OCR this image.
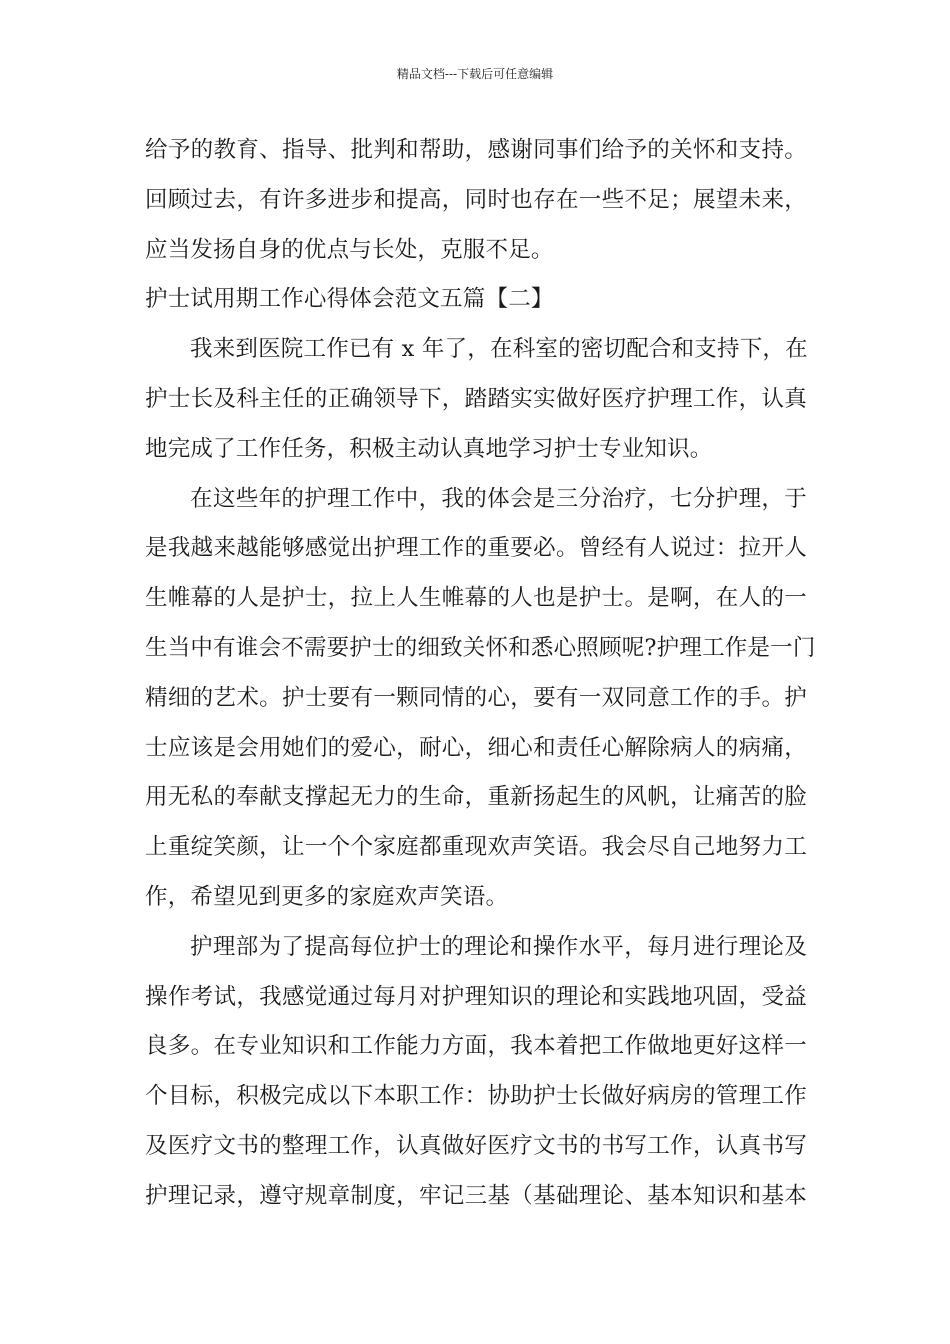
精品文档---下载后可任意编辑
给予的教育、指导、批判和帮助，感谢同事们给予的关怀和支持。
回顾过去，有许多进步和提高，同时也存在一些不足；展望未来，
应当发扬自身的优点与长处，克服不足。
护士试用期工作心得体会范文五篇【二】
我来到医院工作已有 x 年了，在科室的密切配合和支持下，在
护士长及科主任的正确领导下，踏踏实实做好医疗护理工作，认真
地完成了工作任务，积极主动认真地学习护士专业知识。
在这些年的护理工作中，我的体会是三分治疗，七分护理，于
是我越来越能够感觉出护理工作的重要必。曾经有人说过：拉开人
生帷幕的人是护士，拉上人生帷幕的人也是护士。是啊，在人的一
生当中有谁会不需要护士的细致关怀和悉心照顾呢?护理工作是一门
精细的艺术。护士要有一颗同情的心，要有一双同意工作的手。护
士应该是会用她们的爱心，耐心，细心和责任心解除病人的病痛，
用无私的奉献支撑起无力的生命，重新扬起生的风帆，让痛苦的脸
上重绽笑颜，让一个个家庭都重现欢声笑语。我会尽自己地努力工
作，希望见到更多的家庭欢声笑语。
护理部为了提高每位护士的理论和操作水平，每月进行理论及
操作考试，我感觉通过每月对护理知识的理论和实践地巩固，受益
良多。在专业知识和工作能力方面，我本着把工作做地更好这样一
个目标，积极完成以下本职工作：协助护士长做好病房的管理工作
及医疗文书的整理工作，认真做好医疗文书的书写工作，认真书写
护理记录，遵守规章制度，牢记三基（基础理论、基本知识和基本
